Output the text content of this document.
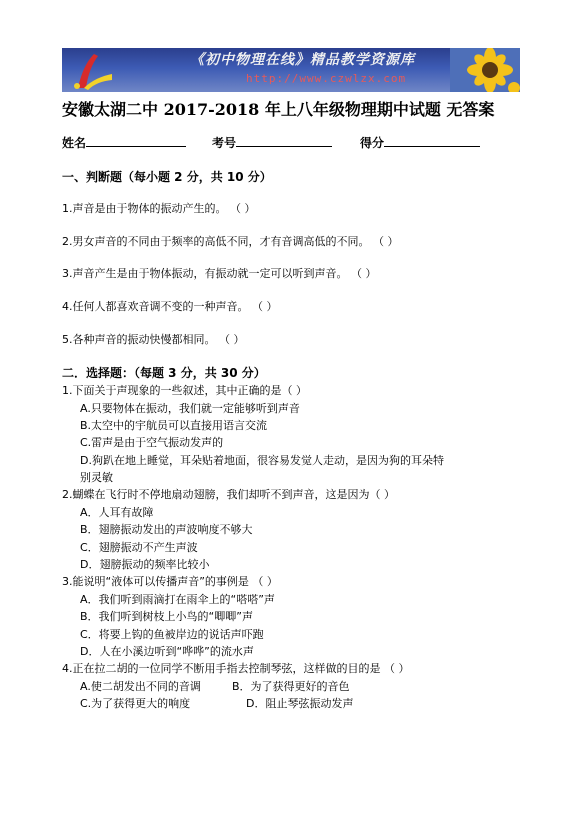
《初中物理在线》精品教学资源库
http://www.czwlzx.com
安徽太湖二中 2017-2018 年上八年级物理期中试题 无答案
姓名	考号	得分
一、判断题（每小题 2 分，共 10 分）
1.声音是由于物体的振动产生的。 （ ）
2.男女声音的不同由于频率的高低不同，才有音调高低的不同。 （ ）
3.声音产生是由于物体振动，有振动就一定可以听到声音。 （ ）
4.任何人都喜欢音调不变的一种声音。 （ ）
5.各种声音的振动快慢都相同。 （ ）
二．选择题：（每题 3 分，共 30 分）
1.下面关于声现象的一些叙述，其中正确的是（ ）
A.只要物体在振动，我们就一定能够听到声音
B.太空中的宇航员可以直接用语言交流
C.雷声是由于空气振动发声的
D.狗趴在地上睡觉，耳朵贴着地面，很容易发觉人走动，是因为狗的耳朵特
别灵敏
2.蝴蝶在飞行时不停地扇动翅膀，我们却听不到声音，这是因为（ ）
A．人耳有故障
B．翅膀振动发出的声波响度不够大
C．翅膀振动不产生声波
D．翅膀振动的频率比较小
3.能说明“液体可以传播声音”的事例是 （ ）
A．我们听到雨滴打在雨伞上的“嗒嗒”声
B．我们听到树枝上小鸟的“唧唧”声
C．将要上钩的鱼被岸边的说话声吓跑
D．人在小溪边听到“哗哗”的流水声
4.正在拉二胡的一位同学不断用手指去控制琴弦，这样做的目的是 （ ）
A.使二胡发出不同的音调	B．为了获得更好的音色
C.为了获得更大的响度	D．阻止琴弦振动发声
